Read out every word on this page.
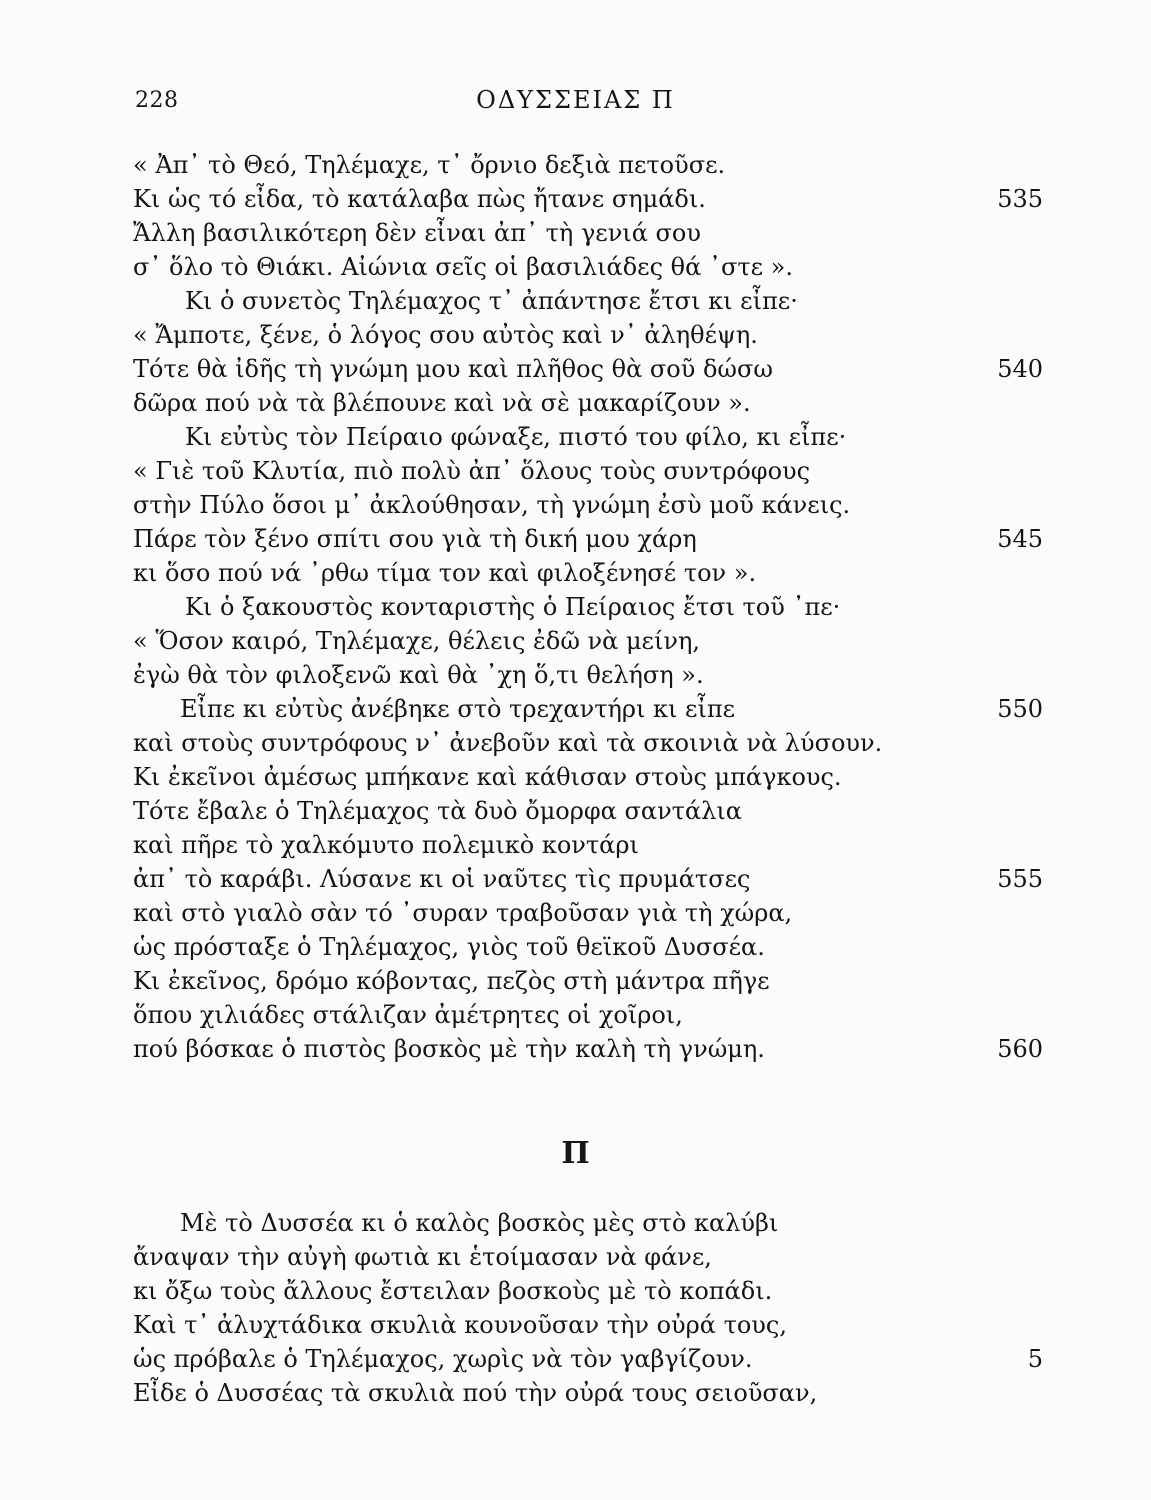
228	ΟΔΥΣΣΕΙΑΣ Π
« Ἀπ᾽ τὸ Θεό, Τηλέμαχε, τ᾽ ὄρνιο δεξιὰ πετοῦσε.
Κι ὡς τό εἶδα, τὸ κατάλαβα πὼς ἤτανε σημάδι.	535
Ἄλλη βασιλικότερη δὲν εἶναι ἀπ᾽ τὴ γενιά σου
σ᾽ ὅλο τὸ Θιάκι. Αἰώνια σεῖς οἱ βασιλιάδες θά ᾽στε ».
Κι ὁ συνετὸς Τηλέμαχος τ᾽ ἀπάντησε ἔτσι κι εἶπε·
« Ἄμποτε, ξένε, ὁ λόγος σου αὐτὸς καὶ ν᾽ ἀληθέψη.
Τότε θὰ ἰδῆς τὴ γνώμη μου καὶ πλῆθος θὰ σοῦ δώσω	540
δῶρα πού νὰ τὰ βλέπουνε καὶ νὰ σὲ μακαρίζουν ».
Κι εὐτὺς τὸν Πείραιο φώναξε, πιστό του φίλο, κι εἶπε·
« Γιὲ τοῦ Κλυτία, πιὸ πολὺ ἀπ᾽ ὅλους τοὺς συντρόφους
στὴν Πύλο ὅσοι μ᾽ ἀκλούθησαν, τὴ γνώμη ἐσὺ μοῦ κάνεις.
Πάρε τὸν ξένο σπίτι σου γιὰ τὴ δική μου χάρη	545
κι ὅσο πού νά ᾽ρθω τίμα τον καὶ φιλοξένησέ τον ».
Κι ὁ ξακουστὸς κονταριστὴς ὁ Πείραιος ἔτσι τοῦ ᾽πε·
« Ὅσον καιρό, Τηλέμαχε, θέλεις ἐδῶ νὰ μείνη,
ἐγὼ θὰ τὸν φιλοξενῶ καὶ θὰ ᾽χη ὅ,τι θελήση ».
Εἶπε κι εὐτὺς ἀνέβηκε στὸ τρεχαντήρι κι εἶπε	550
καὶ στοὺς συντρόφους ν᾽ ἀνεβοῦν καὶ τὰ σκοινιὰ νὰ λύσουν.
Κι ἐκεῖνοι ἀμέσως μπήκανε καὶ κάθισαν στοὺς μπάγκους.
Τότε ἔβαλε ὁ Τηλέμαχος τὰ δυὸ ὄμορφα σαντάλια
καὶ πῆρε τὸ χαλκόμυτο πολεμικὸ κοντάρι
ἀπ᾽ τὸ καράβι. Λύσανε κι οἱ ναῦτες τὶς πρυμάτσες	555
καὶ στὸ γιαλὸ σὰν τό ᾽συραν τραβοῦσαν γιὰ τὴ χώρα,
ὡς πρόσταξε ὁ Τηλέμαχος, γιὸς τοῦ θεϊκοῦ Δυσσέα.
Κι ἐκεῖνος, δρόμο κόβοντας, πεζὸς στὴ μάντρα πῆγε
ὅπου χιλιάδες στάλιζαν ἀμέτρητες οἱ χοῖροι,
πού βόσκαε ὁ πιστὸς βοσκὸς μὲ τὴν καλὴ τὴ γνώμη.	560
Π
Μὲ τὸ Δυσσέα κι ὁ καλὸς βοσκὸς μὲς στὸ καλύβι
ἄναψαν τὴν αὐγὴ φωτιὰ κι ἑτοίμασαν νὰ φάνε,
κι ὄξω τοὺς ἄλλους ἔστειλαν βοσκοὺς μὲ τὸ κοπάδι.
Καὶ τ᾽ ἀλυχτάδικα σκυλιὰ κουνοῦσαν τὴν οὐρά τους,
ὡς πρόβαλε ὁ Τηλέμαχος, χωρὶς νὰ τὸν γαβγίζουν.	5
Εἶδε ὁ Δυσσέας τὰ σκυλιὰ πού τὴν οὐρά τους σειοῦσαν,
